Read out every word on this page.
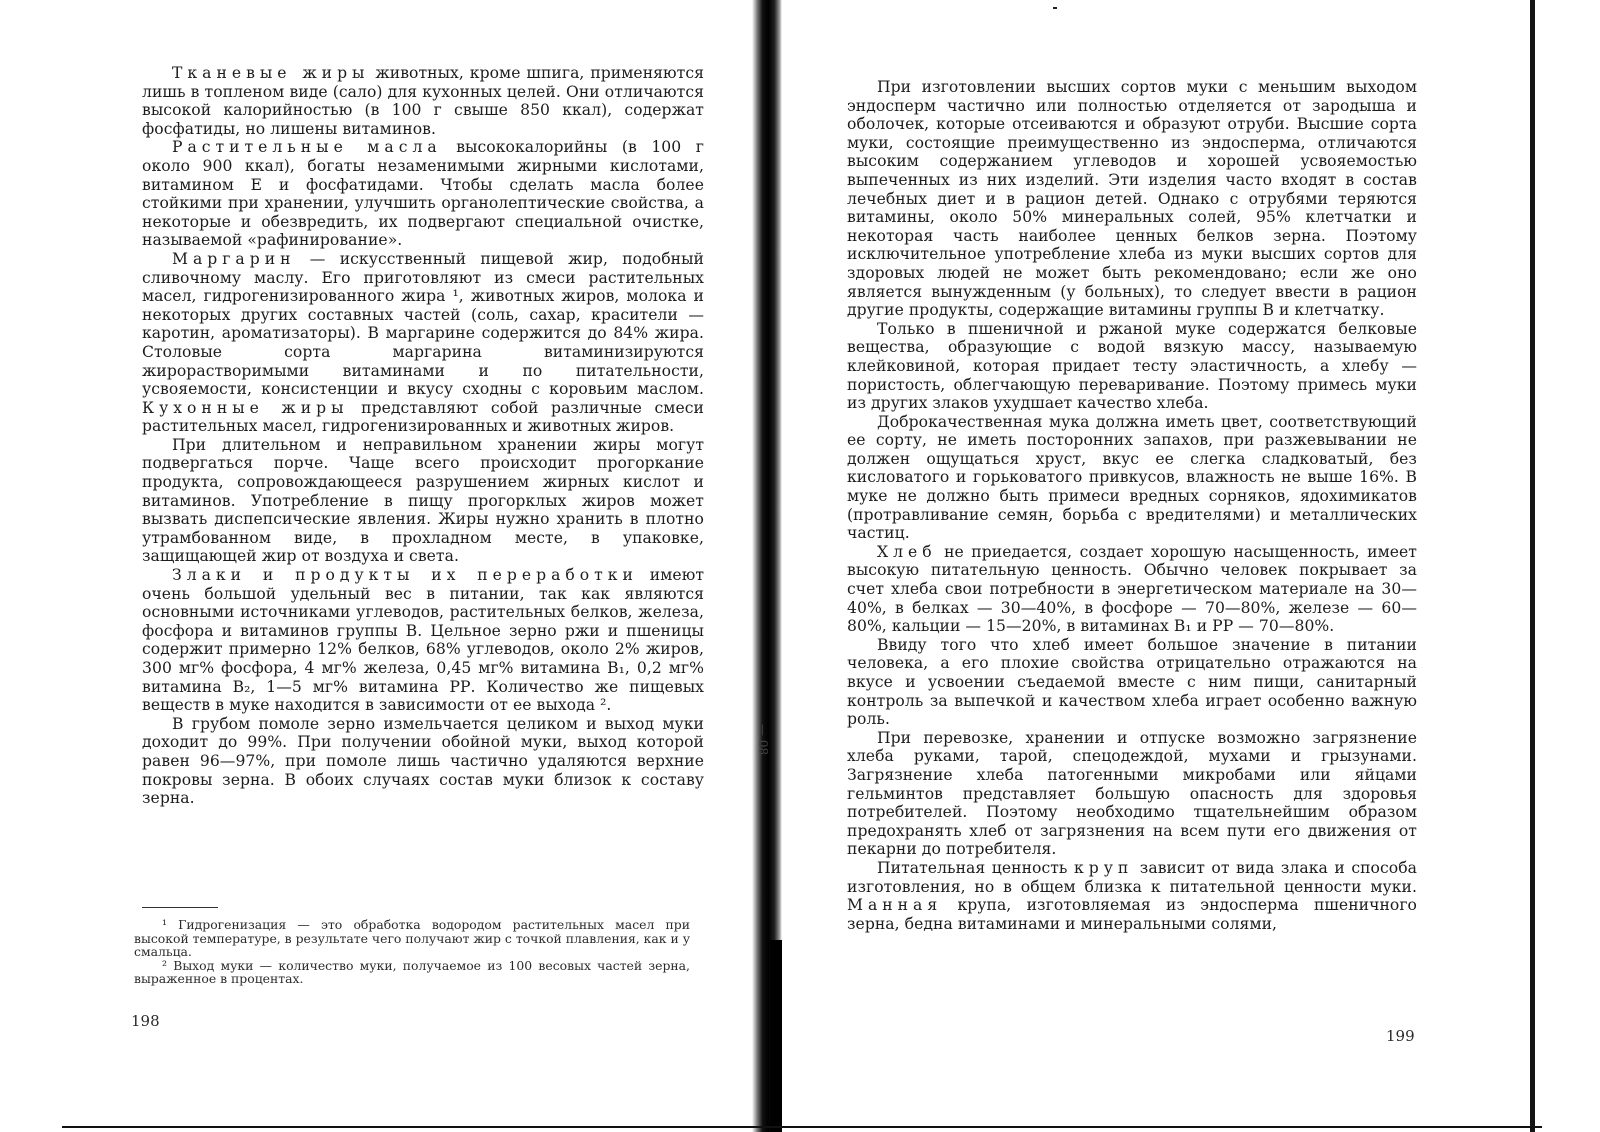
Тканевые жиры животных, кроме шпига, применяются лишь в топленом виде (сало) для кухонных целей. Они отличаются высокой калорийностью (в 100 г свыше 850 ккал), содержат фосфатиды, но лишены витаминов.

Растительные масла высококалорийны (в 100 г около 900 ккал), богаты незаменимыми жирными кислотами, витамином Е и фосфатидами. Чтобы сделать масла более стойкими при хранении, улучшить органолептические свойства, а некоторые и обезвредить, их подвергают специальной очистке, называемой «рафинирование».

Маргарин — искусственный пищевой жир, подобный сливочному маслу. Его приготовляют из смеси растительных масел, гидрогенизированного жира ¹, животных жиров, молока и некоторых других составных частей (соль, сахар, красители — каротин, ароматизаторы). В маргарине содержится до 84% жира. Столовые сорта маргарина витаминизируются жирорастворимыми витаминами и по питательности, усвояемости, консистенции и вкусу сходны с коровьим маслом. Кухонные жиры представляют собой различные смеси растительных масел, гидрогенизированных и животных жиров.

При длительном и неправильном хранении жиры могут подвергаться порче. Чаще всего происходит прогоркание продукта, сопровождающееся разрушением жирных кислот и витаминов. Употребление в пищу прогорклых жиров может вызвать диспепсические явления. Жиры нужно хранить в плотно утрамбованном виде, в прохладном месте, в упаковке, защищающей жир от воздуха и света.

Злаки и продукты их переработки имеют очень большой удельный вес в питании, так как являются основными источниками углеводов, растительных белков, железа, фосфора и витаминов группы В. Цельное зерно ржи и пшеницы содержит примерно 12% белков, 68% углеводов, около 2% жиров, 300 мг% фосфора, 4 мг% железа, 0,45 мг% витамина В₁, 0,2 мг% витамина В₂, 1—5 мг% витамина РР. Количество же пищевых веществ в муке находится в зависимости от ее выхода ².

В грубом помоле зерно измельчается целиком и выход муки доходит до 99%. При получении обойной муки, выход которой равен 96—97%, при помоле лишь частично удаляются верхние покровы зерна. В обоих случаях состав муки близок к составу зерна.

¹ Гидрогенизация — это обработка водородом растительных масел при высокой температуре, в результате чего получают жир с точкой плавления, как и у смальца.

² Выход муки — количество муки, получаемое из 100 весовых частей зерна, выраженное в процентах.

198

При изготовлении высших сортов муки с меньшим выходом эндосперм частично или полностью отделяется от зародыша и оболочек, которые отсеиваются и образуют отруби. Высшие сорта муки, состоящие преимущественно из эндосперма, отличаются высоким содержанием углеводов и хорошей усвояемостью выпеченных из них изделий. Эти изделия часто входят в состав лечебных диет и в рацион детей. Однако с отрубями теряются витамины, около 50% минеральных солей, 95% клетчатки и некоторая часть наиболее ценных белков зерна. Поэтому исключительное употребление хлеба из муки высших сортов для здоровых людей не может быть рекомендовано; если же оно является вынужденным (у больных), то следует ввести в рацион другие продукты, содержащие витамины группы В и клетчатку.

Только в пшеничной и ржаной муке содержатся белковые вещества, образующие с водой вязкую массу, называемую клейковиной, которая придает тесту эластичность, а хлебу — пористость, облегчающую переваривание. Поэтому примесь муки из других злаков ухудшает качество хлеба.

Доброкачественная мука должна иметь цвет, соответствующий ее сорту, не иметь посторонних запахов, при разжевывании не должен ощущаться хруст, вкус ее слегка сладковатый, без кисловатого и горьковатого привкусов, влажность не выше 16%. В муке не должно быть примеси вредных сорняков, ядохимикатов (протравливание семян, борьба с вредителями) и металлических частиц.

Хлеб не приедается, создает хорошую насыщенность, имеет высокую питательную ценность. Обычно человек покрывает за счет хлеба свои потребности в энергетическом материале на 30—40%, в белках — 30—40%, в фосфоре — 70—80%, железе — 60—80%, кальции — 15—20%, в витаминах В₁ и РР — 70—80%.

Ввиду того что хлеб имеет большое значение в питании человека, а его плохие свойства отрицательно отражаются на вкусе и усвоении съедаемой вместе с ним пищи, санитарный контроль за выпечкой и качеством хлеба играет особенно важную роль.

При перевозке, хранении и отпуске возможно загрязнение хлеба руками, тарой, спецодеждой, мухами и грызунами. Загрязнение хлеба патогенными микробами или яйцами гельминтов представляет большую опасность для здоровья потребителей. Поэтому необходимо тщательнейшим образом предохранять хлеб от загрязнения на всем пути его движения от пекарни до потребителя.

Питательная ценность круп зависит от вида злака и способа изготовления, но в общем близка к питательной ценности муки. Манная крупа, изготовляемая из эндосперма пшеничного зерна, бедна витаминами и минеральными солями,

199
— 08
